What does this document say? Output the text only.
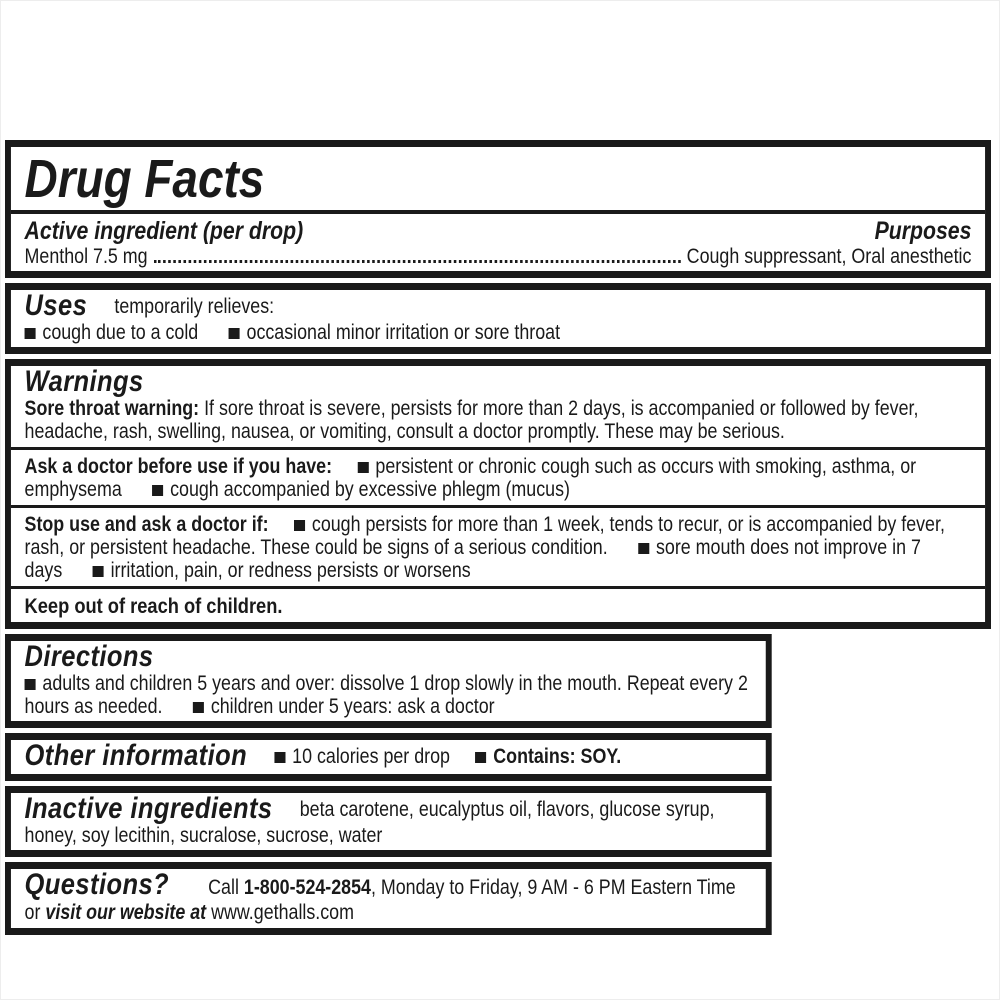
Drug Facts
Active ingredient (per drop)	Purposes
Menthol 7.5 mg	Cough suppressant, Oral anesthetic

Uses temporarily relieves:

cough due to a cold occasional minor irritation or sore throat

Warnings

Sore throat warning: If sore throat is severe, persists for more than 2 days, is accompanied or followed by fever, headache, rash, swelling, nausea, or vomiting, consult a doctor promptly. These may be serious.

Ask a doctor before use if you have: persistent or chronic cough such as occurs with smoking, asthma, or emphysema cough accompanied by excessive phlegm (mucus)

Stop use and ask a doctor if: cough persists for more than 1 week, tends to recur, or is accompanied by fever, rash, or persistent headache. These could be signs of a serious condition. sore mouth does not improve in 7 days irritation, pain, or redness persists or worsens

Keep out of reach of children.

Directions

adults and children 5 years and over: dissolve 1 drop slowly in the mouth. Repeat every 2 hours as needed. children under 5 years: ask a doctor

Other information 10 calories per drop Contains: SOY.

Inactive ingredients beta carotene, eucalyptus oil, flavors, glucose syrup, honey, soy lecithin, sucralose, sucrose, water

Questions? Call 1-800-524-2854, Monday to Friday, 9 AM - 6 PM Eastern Time

or visit our website at www.gethalls.com
